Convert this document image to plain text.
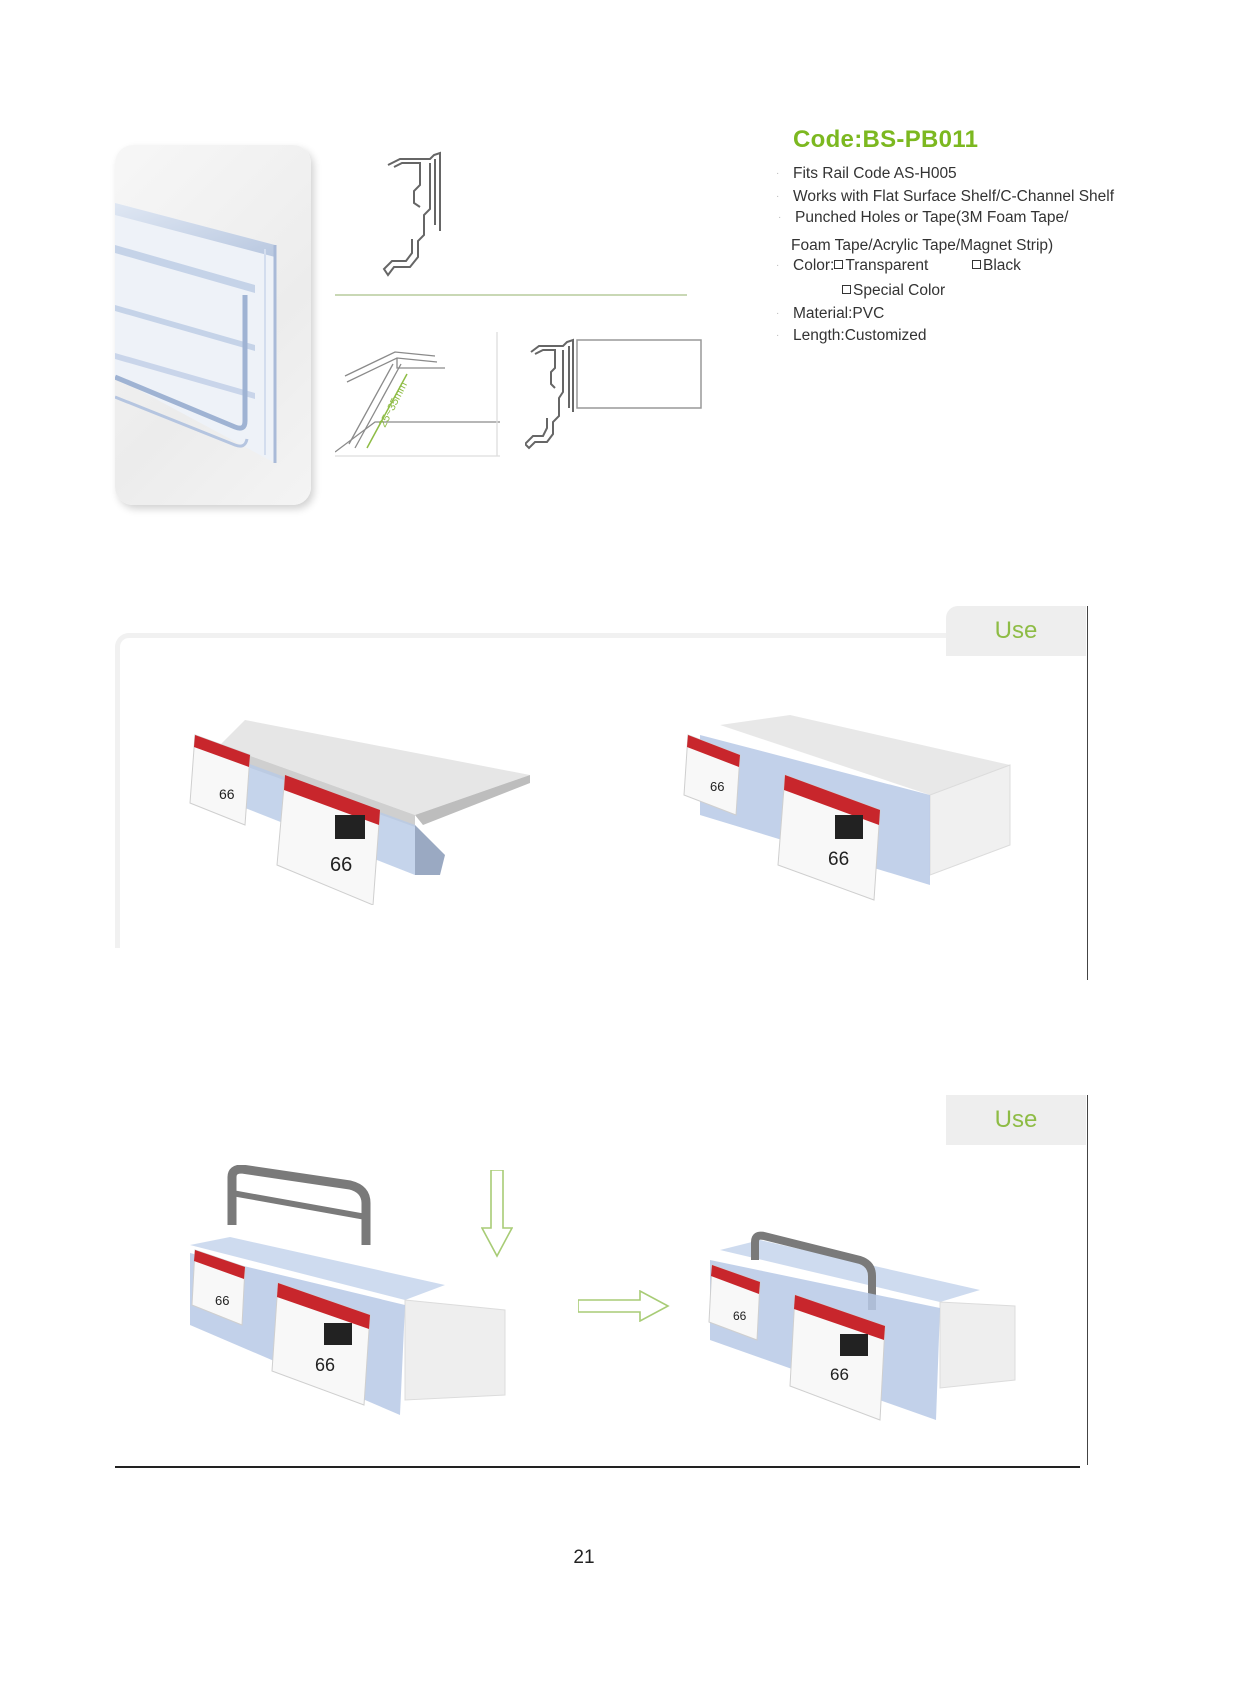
25~35mm
Code:BS-PB011
· Fits Rail Code AS-H005
· Works with Flat Surface Shelf/C-Channel Shelf
· Punched Holes or Tape(3M Foam Tape/
Foam Tape/Acrylic Tape/Magnet Strip)
· Color: Transparent	Black
Special Color
· Material:PVC
· Length:Customized
Use
66
66
66
66
Use
66
66
66
66
21
